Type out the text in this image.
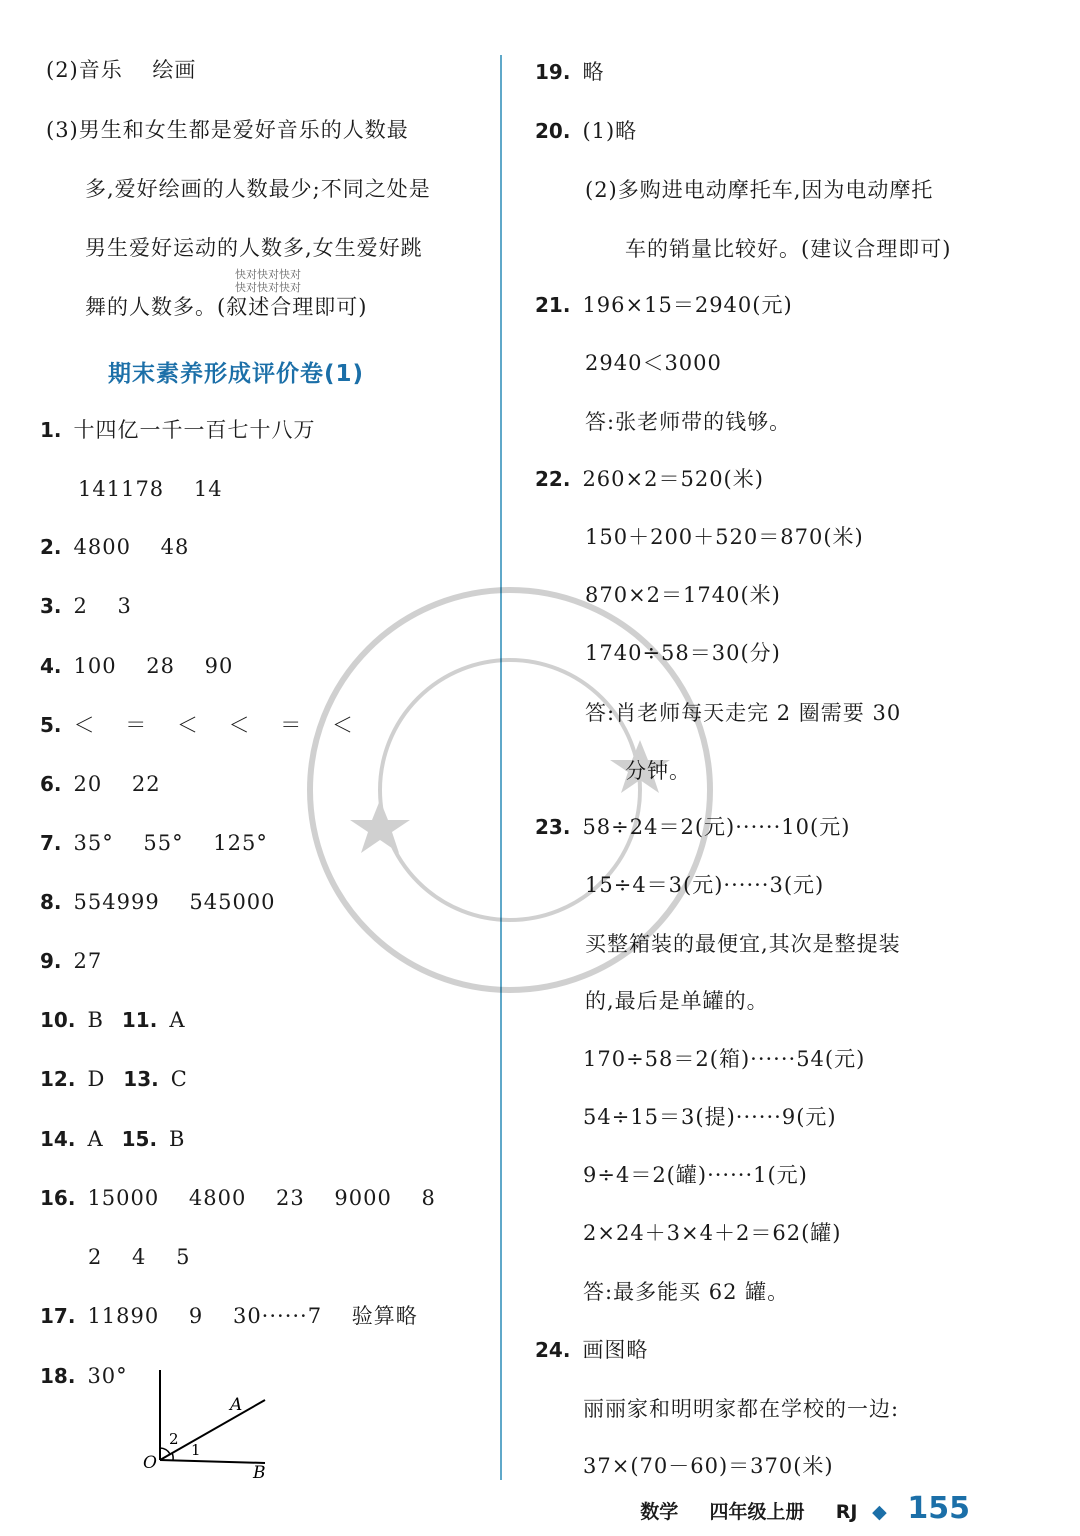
(2)音乐　 绘画
(3)男生和女生都是爱好音乐的人数最
多,爱好绘画的人数最少;不同之处是
男生爱好运动的人数多,女生爱好跳
舞的人数多。(叙述合理即可)
1. 十四亿一千一百七十八万
141178　 14
2. 4800　 48
3. 2　 3
4. 100　 28　 90
5. ＜　 ＝　 ＜　 ＜　 ＝　 ＜
6. 20　 22
7. 35°　 55°　 125°
8. 554999　 545000
9. 27
10. B 11. A
12. D 13. C
14. A 15. B
16. 15000　 4800　 23　 9000　 8
2　 4　 5
17. 11890　 9　 30······7　 验算略
18. 30°
19. 略
20. (1)略
(2)多购进电动摩托车,因为电动摩托
车的销量比较好。(建议合理即可)
21. 196×15＝2940(元)
2940＜3000
答:张老师带的钱够。
22. 260×2＝520(米)
150＋200＋520＝870(米)
870×2＝1740(米)
1740÷58＝30(分)
答:肖老师每天走完 2 圈需要 30
分钟。
23. 58÷24＝2(元)······10(元)
15÷4＝3(元)······3(元)
买整箱装的最便宜,其次是整提装
的,最后是单罐的。
170÷58＝2(箱)······54(元)
54÷15＝3(提)······9(元)
9÷4＝2(罐)······1(元)
2×24＋3×4＋2＝62(罐)
答:最多能买 62 罐。
24. 画图略
丽丽家和明明家都在学校的一边:
37×(70－60)＝370(米)
期末素养形成评价卷(1)
快对快对快对
快对快对快对
A
B
O
1
2
数学 四年级上册 RJ ◆ 155
